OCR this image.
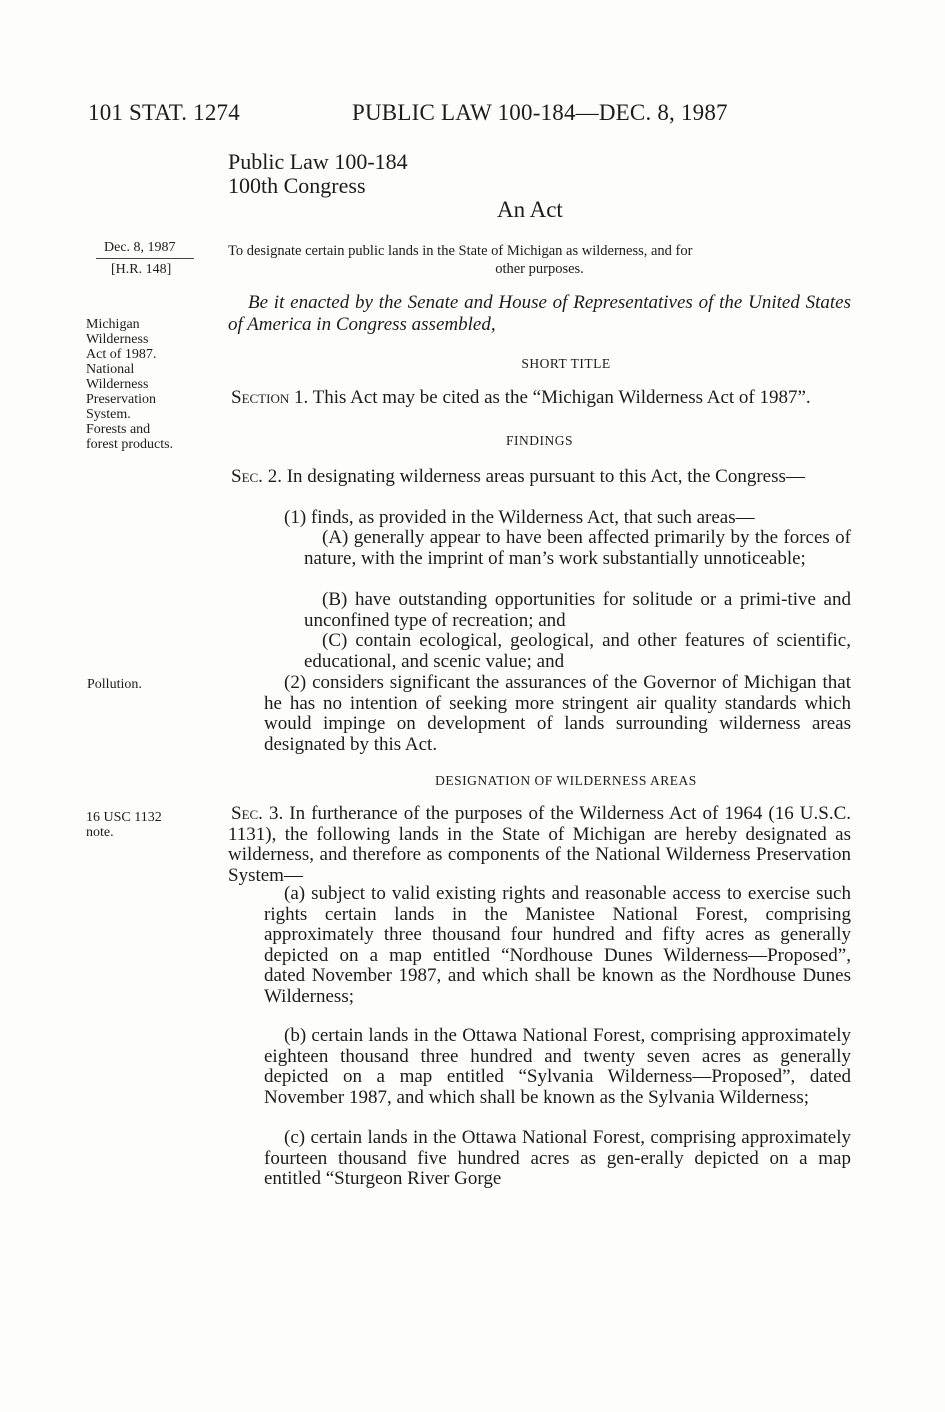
101 STAT. 1274	PUBLIC LAW 100-184—DEC. 8, 1987
Public Law 100-184
100th Congress
An Act
Dec. 8, 1987
[H.R. 148]
To designate certain public lands in the State of Michigan as wilderness, and for
other purposes.
Michigan
Wilderness
Act of 1987.
National
Wilderness
Preservation
System.
Forests and
forest products.
Be it enacted by the Senate and House of Representatives of the United States of America in Congress assembled,
SHORT TITLE
Section 1. This Act may be cited as the “Michigan Wilderness Act of 1987”.
FINDINGS
Sec. 2. In designating wilderness areas pursuant to this Act, the Congress—
(1) finds, as provided in the Wilderness Act, that such areas—
(A) generally appear to have been affected primarily by the forces of nature, with the imprint of man’s work substantially unnoticeable;
(B) have outstanding opportunities for solitude or a primi-tive and unconfined type of recreation; and
(C) contain ecological, geological, and other features of scientific, educational, and scenic value; and
Pollution.	(2) considers significant the assurances of the Governor of Michigan that he has no intention of seeking more stringent air quality standards which would impinge on development of lands surrounding wilderness areas designated by this Act.
DESIGNATION OF WILDERNESS AREAS
16 USC 1132
note.
Sec. 3. In furtherance of the purposes of the Wilderness Act of 1964 (16 U.S.C. 1131), the following lands in the State of Michigan are hereby designated as wilderness, and therefore as components of the National Wilderness Preservation System—
(a) subject to valid existing rights and reasonable access to exercise such rights certain lands in the Manistee National Forest, comprising approximately three thousand four hundred and fifty acres as generally depicted on a map entitled “Nordhouse Dunes Wilderness—Proposed”, dated November 1987, and which shall be known as the Nordhouse Dunes Wilderness;
(b) certain lands in the Ottawa National Forest, comprising approximately eighteen thousand three hundred and twenty seven acres as generally depicted on a map entitled “Sylvania Wilderness—Proposed”, dated November 1987, and which shall be known as the Sylvania Wilderness;
(c) certain lands in the Ottawa National Forest, comprising approximately fourteen thousand five hundred acres as gen-erally depicted on a map entitled “Sturgeon River Gorge
